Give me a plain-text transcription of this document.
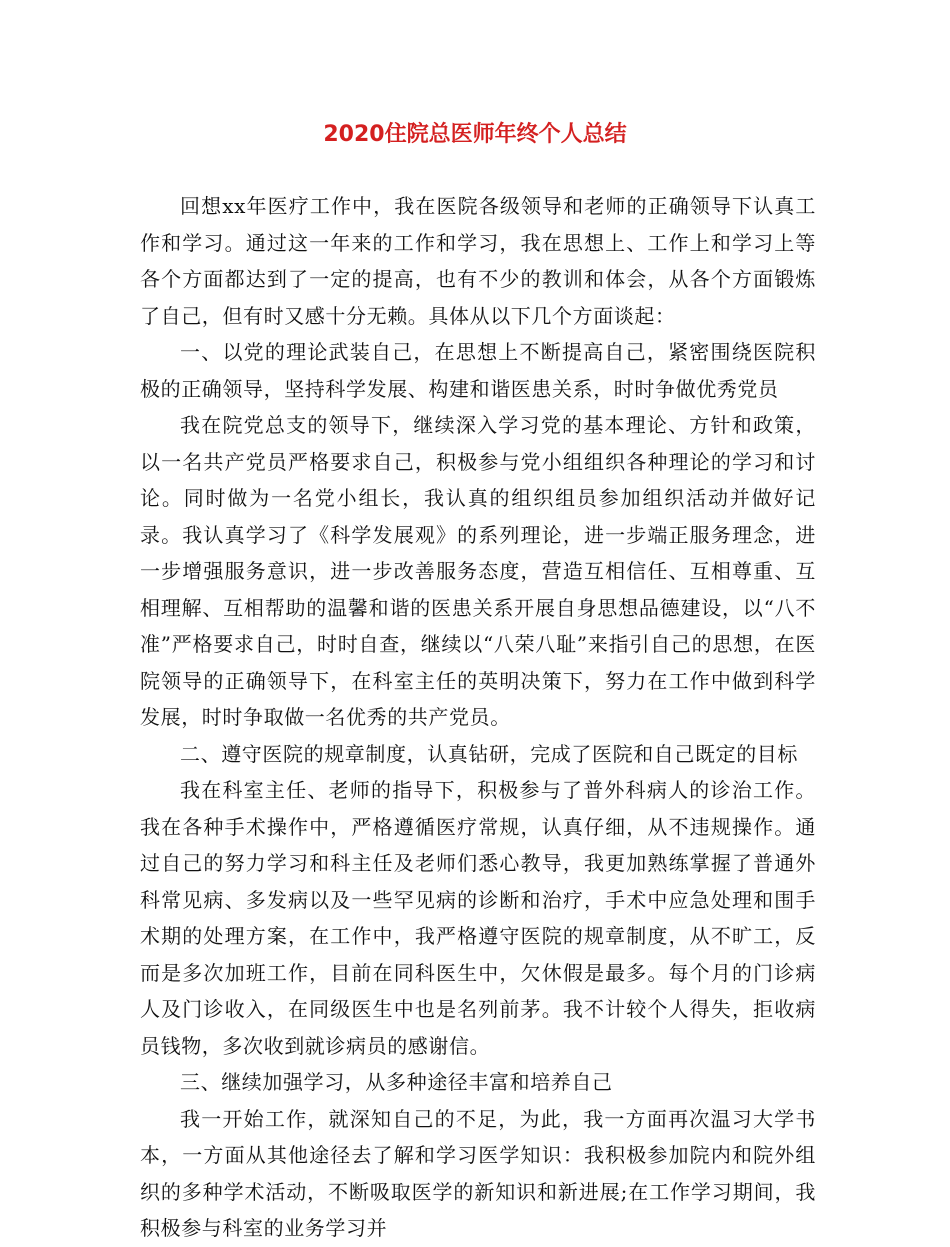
2020住院总医师年终个人总结

回想xx年医疗工作中，我在医院各级领导和老师的正确领导下认真工作和学习。通过这一年来的工作和学习，我在思想上、工作上和学习上等各个方面都达到了一定的提高，也有不少的教训和体会，从各个方面锻炼了自己，但有时又感十分无赖。具体从以下几个方面谈起：

一、以党的理论武装自己，在思想上不断提高自己，紧密围绕医院积极的正确领导，坚持科学发展、构建和谐医患关系，时时争做优秀党员

我在院党总支的领导下，继续深入学习党的基本理论、方针和政策，以一名共产党员严格要求自己，积极参与党小组组织各种理论的学习和讨论。同时做为一名党小组长，我认真的组织组员参加组织活动并做好记录。我认真学习了《科学发展观》的系列理论，进一步端正服务理念，进一步增强服务意识，进一步改善服务态度，营造互相信任、互相尊重、互相理解、互相帮助的温馨和谐的医患关系开展自身思想品德建设，以“八不准”严格要求自己，时时自查，继续以“八荣八耻”来指引自己的思想，在医院领导的正确领导下，在科室主任的英明决策下，努力在工作中做到科学发展，时时争取做一名优秀的共产党员。

二、遵守医院的规章制度，认真钻研，完成了医院和自己既定的目标

我在科室主任、老师的指导下，积极参与了普外科病人的诊治工作。我在各种手术操作中，严格遵循医疗常规，认真仔细，从不违规操作。通过自己的努力学习和科主任及老师们悉心教导，我更加熟练掌握了普通外科常见病、多发病以及一些罕见病的诊断和治疗，手术中应急处理和围手术期的处理方案，在工作中，我严格遵守医院的规章制度，从不旷工，反而是多次加班工作，目前在同科医生中，欠休假是最多。每个月的门诊病人及门诊收入，在同级医生中也是名列前茅。我不计较个人得失，拒收病员钱物，多次收到就诊病员的感谢信。

三、继续加强学习，从多种途径丰富和培养自己

我一开始工作，就深知自己的不足，为此，我一方面再次温习大学书本，一方面从其他途径去了解和学习医学知识：我积极参加院内和院外组织的多种学术活动，不断吸取医学的新知识和新进展;在工作学习期间，我积极参与科室的业务学习并
